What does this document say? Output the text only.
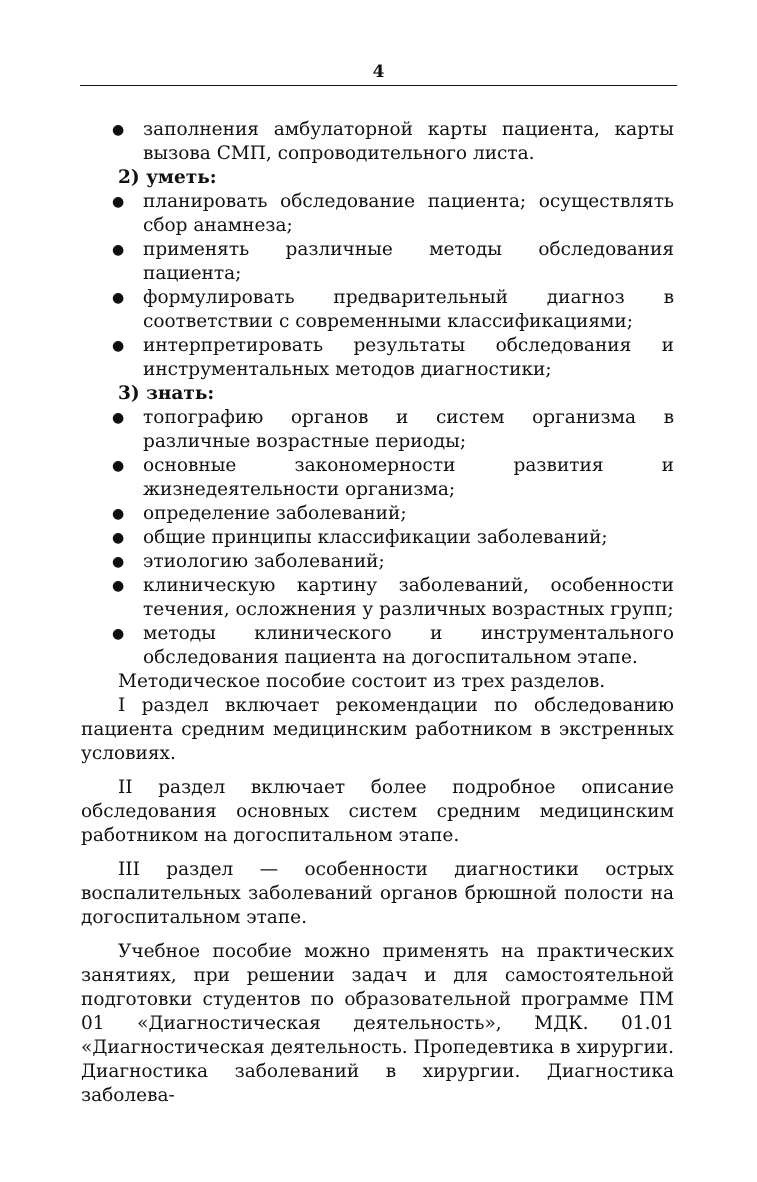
4

●	заполнения амбулаторной карты пациента, карты вызова СМП, сопроводительного листа.

2) уметь:

●	планировать обследование пациента; осуществлять сбор анамнеза;

●	применять различные методы обследования пациента;

●	формулировать предварительный диагноз в соответствии с современными классификациями;

●	интерпретировать результаты обследования и инструментальных методов диагностики;

3) знать:

●	топографию органов и систем организма в различные возрастные периоды;

●	основные закономерности развития и жизнедеятельности организма;

●	определение заболеваний;

●	общие принципы классификации заболеваний;

●	этиологию заболеваний;

●	клиническую картину заболеваний, особенности течения, осложнения у различных возрастных групп;

●	методы клинического и инструментального обследования пациента на догоспитальном этапе.

Методическое пособие состоит из трех разделов.

I раздел включает рекомендации по обследованию пациента средним медицинским работником в экстренных условиях.

II раздел включает более подробное описание обследования основных систем средним медицинским работником на догоспитальном этапе.

III раздел — особенности диагностики острых воспалительных заболеваний органов брюшной полости на догоспитальном этапе.

Учебное пособие можно применять на практических занятиях, при решении задач и для самостоятельной подготовки студентов по образовательной программе ПМ 01 «Диагностическая деятельность», МДК. 01.01 «Диагностическая деятельность. Пропедевтика в хирургии. Диагностика заболеваний в хирургии. Диагностика заболева-
